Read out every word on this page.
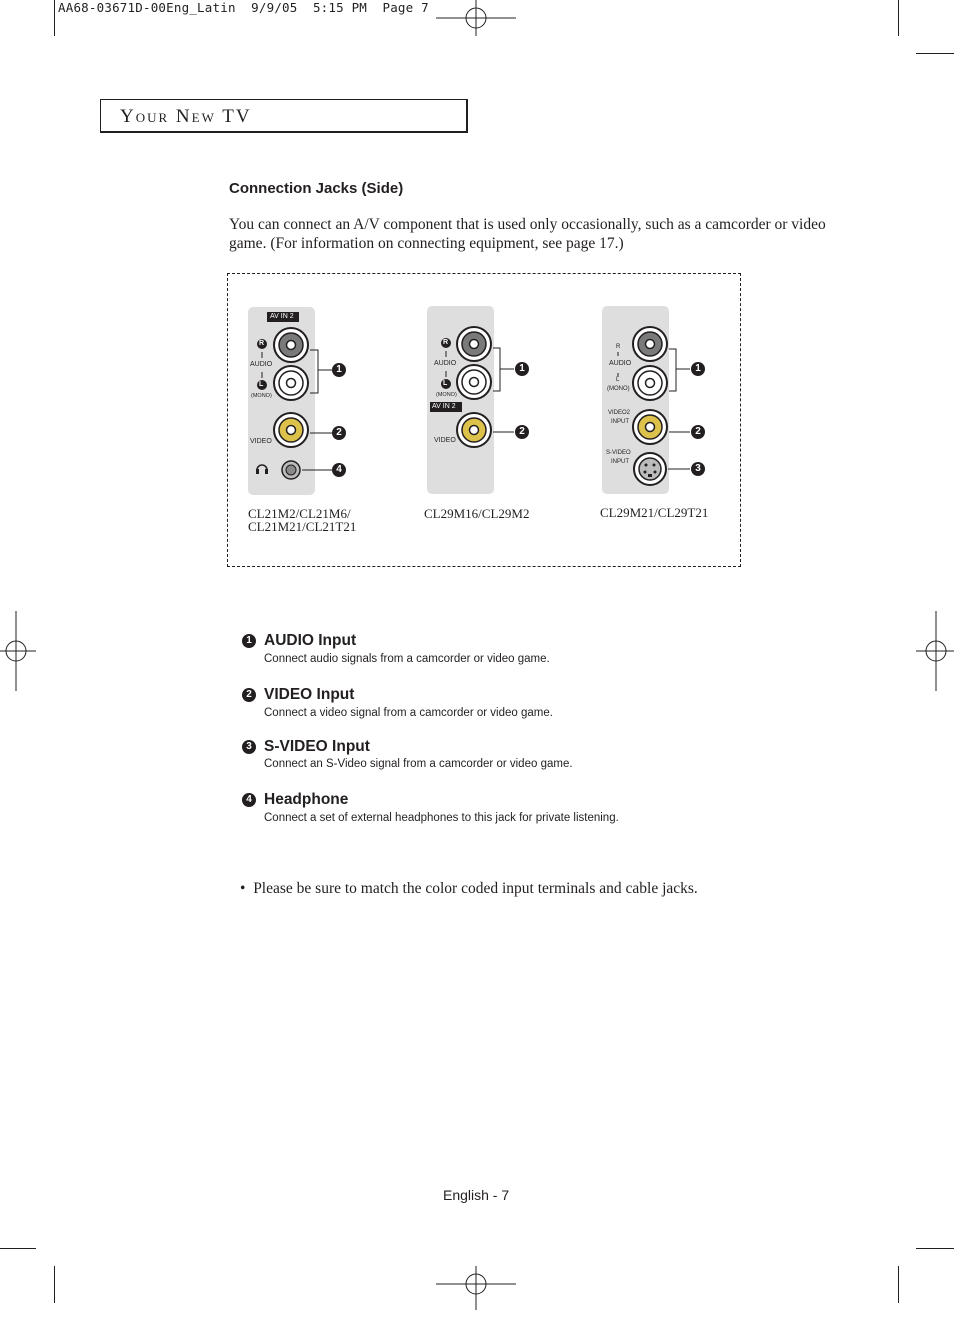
AA68-03671D-00Eng_Latin  9/9/05  5:15 PM  Page 7
Your New TV
Connection Jacks (Side)
You can connect an A/V component that is used only occasionally, such as a camcorder or video game. (For information on connecting equipment, see page 17.)
AV IN 2
R
AUDIO
L
(MONO)
VIDEO
1
2
4
CL21M2/CL21M6/
CL21M21/CL21T21
R
AUDIO
L
(MONO)
AV IN 2
VIDEO
1
2
CL29M16/CL29M2
R
AUDIO
L
(MONO)
VIDEO2
INPUT
S-VIDEO
INPUT
1
2
3
CL29M21/CL29T21
1 AUDIO Input
Connect audio signals from a camcorder or video game.
2 VIDEO Input
Connect a video signal from a camcorder or video game.
3 S-VIDEO Input
Connect an S-Video signal from a camcorder or video game.
4 Headphone
Connect a set of external headphones to this jack for private listening.
•  Please be sure to match the color coded input terminals and cable jacks.
English - 7
